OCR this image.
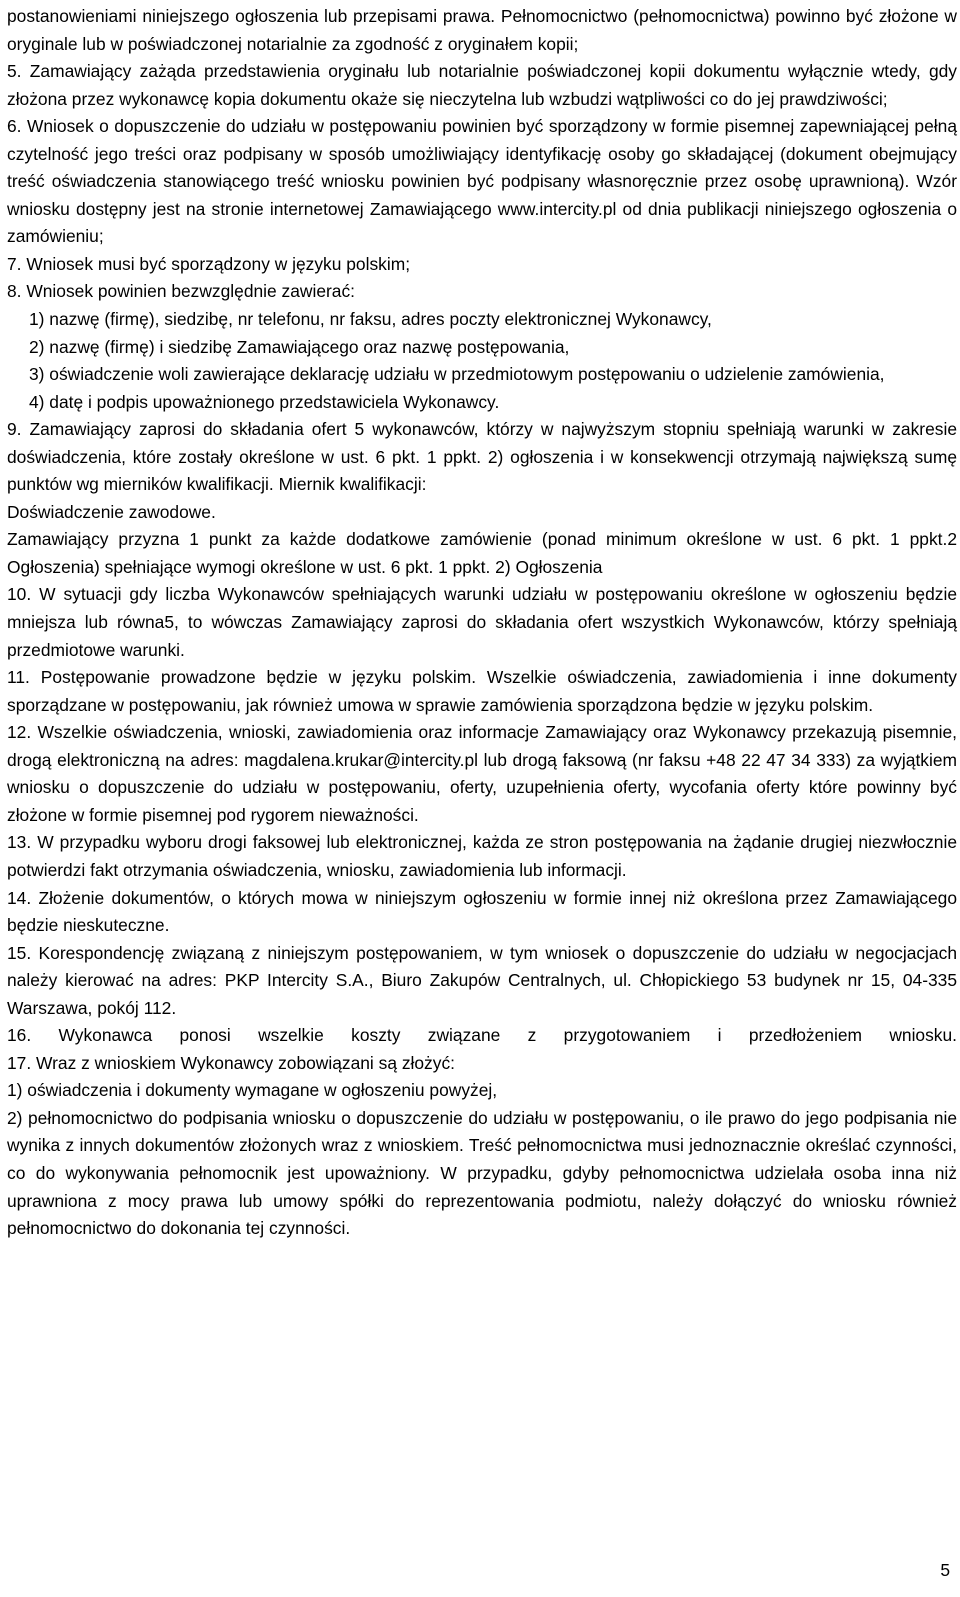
postanowieniami niniejszego ogłoszenia lub przepisami prawa. Pełnomocnictwo (pełnomocnictwa) powinno być złożone w oryginale lub w poświadczonej notarialnie za zgodność z oryginałem kopii;

5. Zamawiający zażąda przedstawienia oryginału lub notarialnie poświadczonej kopii dokumentu wyłącznie wtedy, gdy złożona przez wykonawcę kopia dokumentu okaże się nieczytelna lub wzbudzi wątpliwości co do jej prawdziwości;

6. Wniosek o dopuszczenie do udziału w postępowaniu powinien być sporządzony w formie pisemnej zapewniającej pełną czytelność jego treści oraz podpisany w sposób umożliwiający identyfikację osoby go składającej (dokument obejmujący treść oświadczenia stanowiącego treść wniosku powinien być podpisany własnoręcznie przez osobę uprawnioną). Wzór wniosku dostępny jest na stronie internetowej Zamawiającego www.intercity.pl od dnia publikacji niniejszego ogłoszenia o zamówieniu;

7. Wniosek musi być sporządzony w języku polskim;

8. Wniosek powinien bezwzględnie zawierać:

1) nazwę (firmę), siedzibę, nr telefonu, nr faksu, adres poczty elektronicznej Wykonawcy,

2) nazwę (firmę) i siedzibę Zamawiającego oraz nazwę postępowania,

3) oświadczenie woli zawierające deklarację udziału w przedmiotowym postępowaniu o udzielenie zamówienia,

4) datę i podpis upoważnionego przedstawiciela Wykonawcy.

9. Zamawiający zaprosi do składania ofert 5 wykonawców, którzy w najwyższym stopniu spełniają warunki w zakresie doświadczenia, które zostały określone w ust. 6 pkt. 1 ppkt. 2) ogłoszenia i w konsekwencji otrzymają największą sumę punktów wg mierników kwalifikacji. Miernik kwalifikacji:

Doświadczenie zawodowe.

Zamawiający przyzna 1 punkt za każde dodatkowe zamówienie (ponad minimum określone w ust. 6 pkt. 1 ppkt.2 Ogłoszenia) spełniające wymogi określone w ust. 6 pkt. 1 ppkt. 2) Ogłoszenia

10. W sytuacji gdy liczba Wykonawców spełniających warunki udziału w postępowaniu określone w ogłoszeniu będzie mniejsza lub równa5, to wówczas Zamawiający zaprosi do składania ofert wszystkich Wykonawców, którzy spełniają przedmiotowe warunki.

11. Postępowanie prowadzone będzie w języku polskim. Wszelkie oświadczenia, zawiadomienia i inne dokumenty sporządzane w postępowaniu, jak również umowa w sprawie zamówienia sporządzona będzie w języku polskim.

12. Wszelkie oświadczenia, wnioski, zawiadomienia oraz informacje Zamawiający oraz Wykonawcy przekazują pisemnie, drogą elektroniczną na adres: magdalena.krukar@intercity.pl lub drogą faksową (nr faksu +48 22 47 34 333) za wyjątkiem wniosku o dopuszczenie do udziału w postępowaniu, oferty, uzupełnienia oferty, wycofania oferty które powinny być złożone w formie pisemnej pod rygorem nieważności.

13. W przypadku wyboru drogi faksowej lub elektronicznej, każda ze stron postępowania na żądanie drugiej niezwłocznie potwierdzi fakt otrzymania oświadczenia, wniosku, zawiadomienia lub informacji.

14. Złożenie dokumentów, o których mowa w niniejszym ogłoszeniu w formie innej niż określona przez Zamawiającego będzie nieskuteczne.

15. Korespondencję związaną z niniejszym postępowaniem, w tym wniosek o dopuszczenie do udziału w negocjacjach należy kierować na adres: PKP Intercity S.A., Biuro Zakupów Centralnych, ul. Chłopickiego 53 budynek nr 15, 04-335 Warszawa, pokój 112.

16. Wykonawca ponosi wszelkie koszty związane z przygotowaniem i przedłożeniem wniosku.

17. Wraz z wnioskiem Wykonawcy zobowiązani są złożyć:

1) oświadczenia i dokumenty wymagane w ogłoszeniu powyżej,

2) pełnomocnictwo do podpisania wniosku o dopuszczenie do udziału w postępowaniu, o ile prawo do jego podpisania nie wynika z innych dokumentów złożonych wraz z wnioskiem. Treść pełnomocnictwa musi jednoznacznie określać czynności, co do wykonywania pełnomocnik jest upoważniony. W przypadku, gdyby pełnomocnictwa udzielała osoba inna niż uprawniona z mocy prawa lub umowy spółki do reprezentowania podmiotu, należy dołączyć do wniosku również pełnomocnictwo do dokonania tej czynności.

5
